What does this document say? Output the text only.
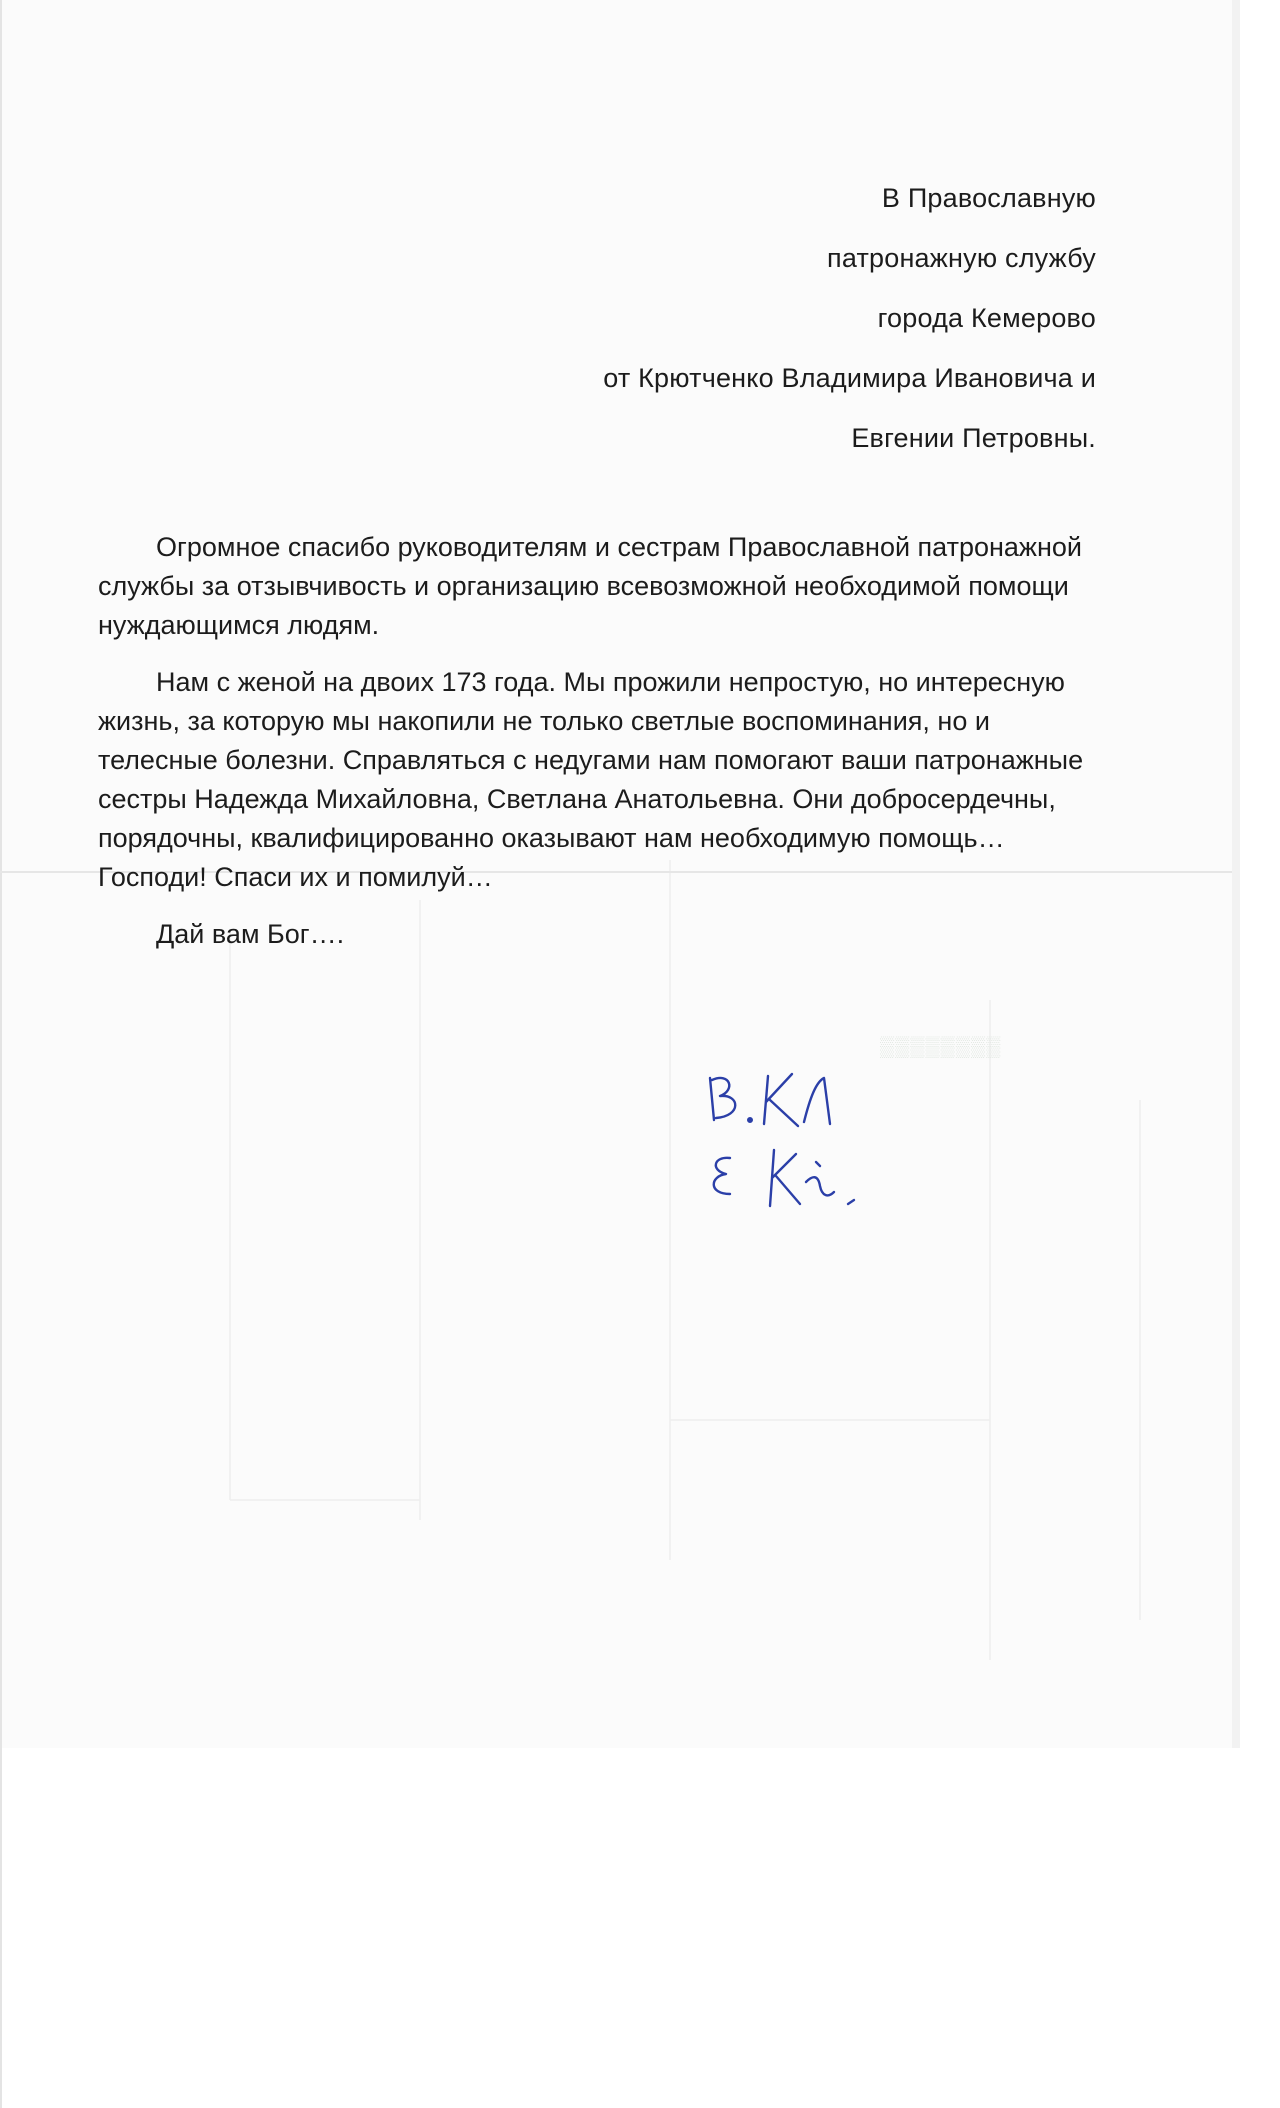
В Православную
патронажную службу
города Кемерово
от Крютченко Владимира Ивановича и
Евгении Петровны.

Огромное спасибо руководителям и сестрам Православной патронажной службы за отзывчивость и организацию всевозможной необходимой помощи нуждающимся людям.

Нам с женой на двоих 173 года. Мы прожили непростую, но интересную жизнь, за которую мы накопили не только светлые воспоминания, но и телесные болезни. Справляться с недугами нам помогают ваши патронажные сестры Надежда Михайловна, Светлана Анатольевна. Они добросердечны, порядочны, квалифицированно оказывают нам необходимую помощь… Господи! Спаси их и помилуй…

Дай вам Бог….

▒▒▒▒▒▒▒▒
